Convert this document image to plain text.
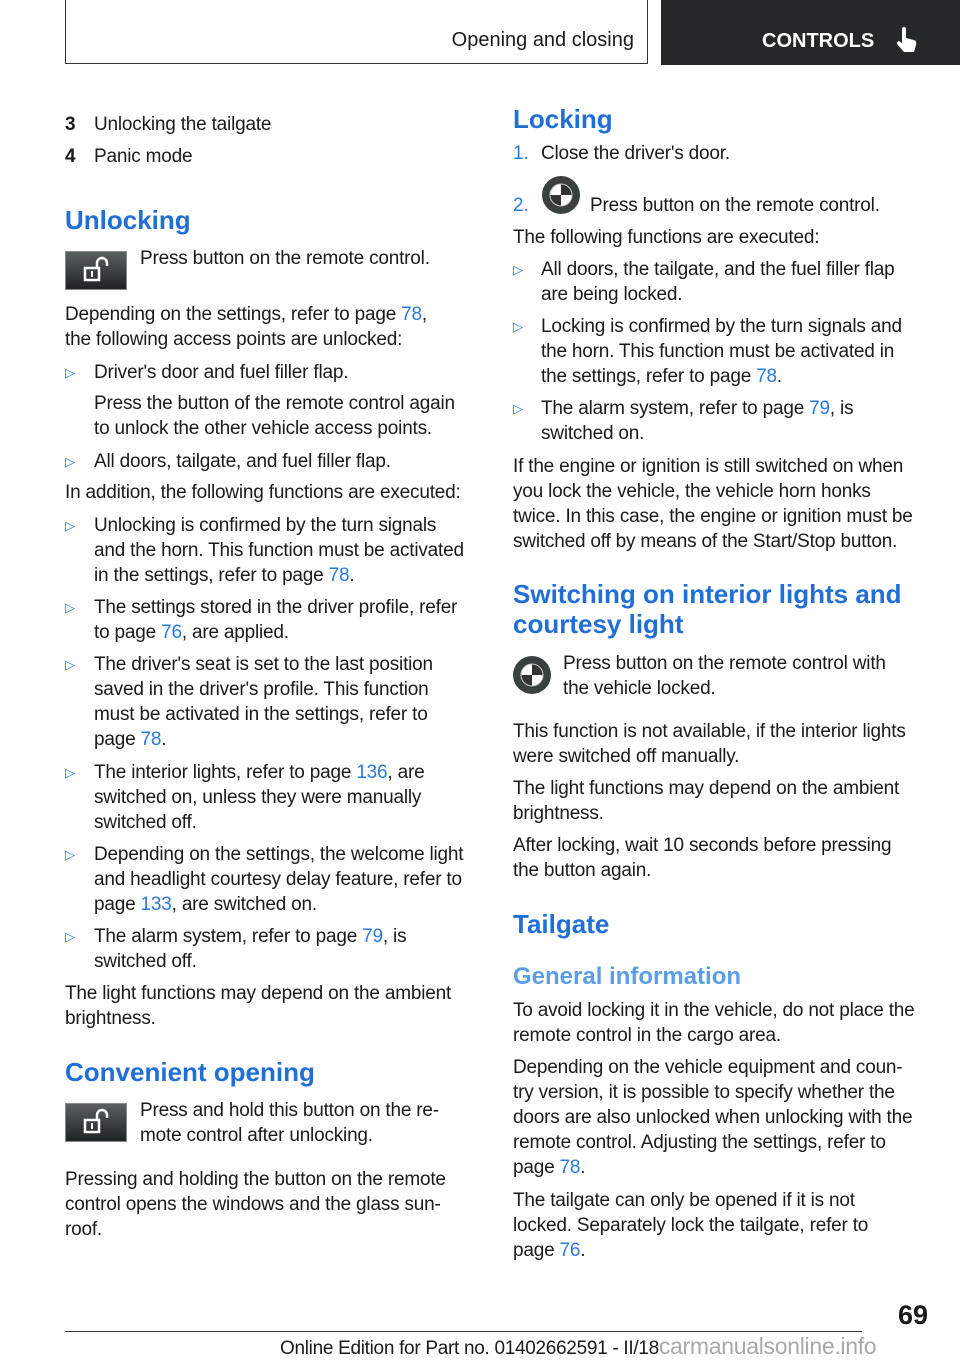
Opening and closing	CONTROLS
3 Unlocking the tailgate
4 Panic mode
Unlocking
Press button on the remote control.
Depending on the settings, refer to page 78,
the following access points are unlocked:
▷ Driver's door and fuel filler flap.
Press the button of the remote control again
to unlock the other vehicle access points.
▷ All doors, tailgate, and fuel filler flap.
In addition, the following functions are executed:
▷ Unlocking is confirmed by the turn signals
and the horn. This function must be activated
in the settings, refer to page 78.
▷ The settings stored in the driver profile, refer
to page 76, are applied.
▷ The driver's seat is set to the last position
saved in the driver's profile. This function
must be activated in the settings, refer to
page 78.
▷ The interior lights, refer to page 136, are
switched on, unless they were manually
switched off.
▷ Depending on the settings, the welcome light
and headlight courtesy delay feature, refer to
page 133, are switched on.
▷ The alarm system, refer to page 79, is
switched off.
The light functions may depend on the ambient
brightness.
Convenient opening
Press and hold this button on the re-
mote control after unlocking.
Pressing and holding the button on the remote
control opens the windows and the glass sun-
roof.
Locking
1. Close the driver's door.
2.	Press button on the remote control.
The following functions are executed:
▷ All doors, the tailgate, and the fuel filler flap
are being locked.
▷ Locking is confirmed by the turn signals and
the horn. This function must be activated in
the settings, refer to page 78.
▷ The alarm system, refer to page 79, is
switched on.
If the engine or ignition is still switched on when
you lock the vehicle, the vehicle horn honks
twice. In this case, the engine or ignition must be
switched off by means of the Start/Stop button.
Switching on interior lights and
courtesy light
Press button on the remote control with
the vehicle locked.
This function is not available, if the interior lights
were switched off manually.
The light functions may depend on the ambient
brightness.
After locking, wait 10 seconds before pressing
the button again.
Tailgate
General information
To avoid locking it in the vehicle, do not place the
remote control in the cargo area.
Depending on the vehicle equipment and coun-
try version, it is possible to specify whether the
doors are also unlocked when unlocking with the
remote control. Adjusting the settings, refer to
page 78.
The tailgate can only be opened if it is not
locked. Separately lock the tailgate, refer to
page 76.
69
Online Edition for Part no. 01402662591 - II/18carmanualsonline.info
